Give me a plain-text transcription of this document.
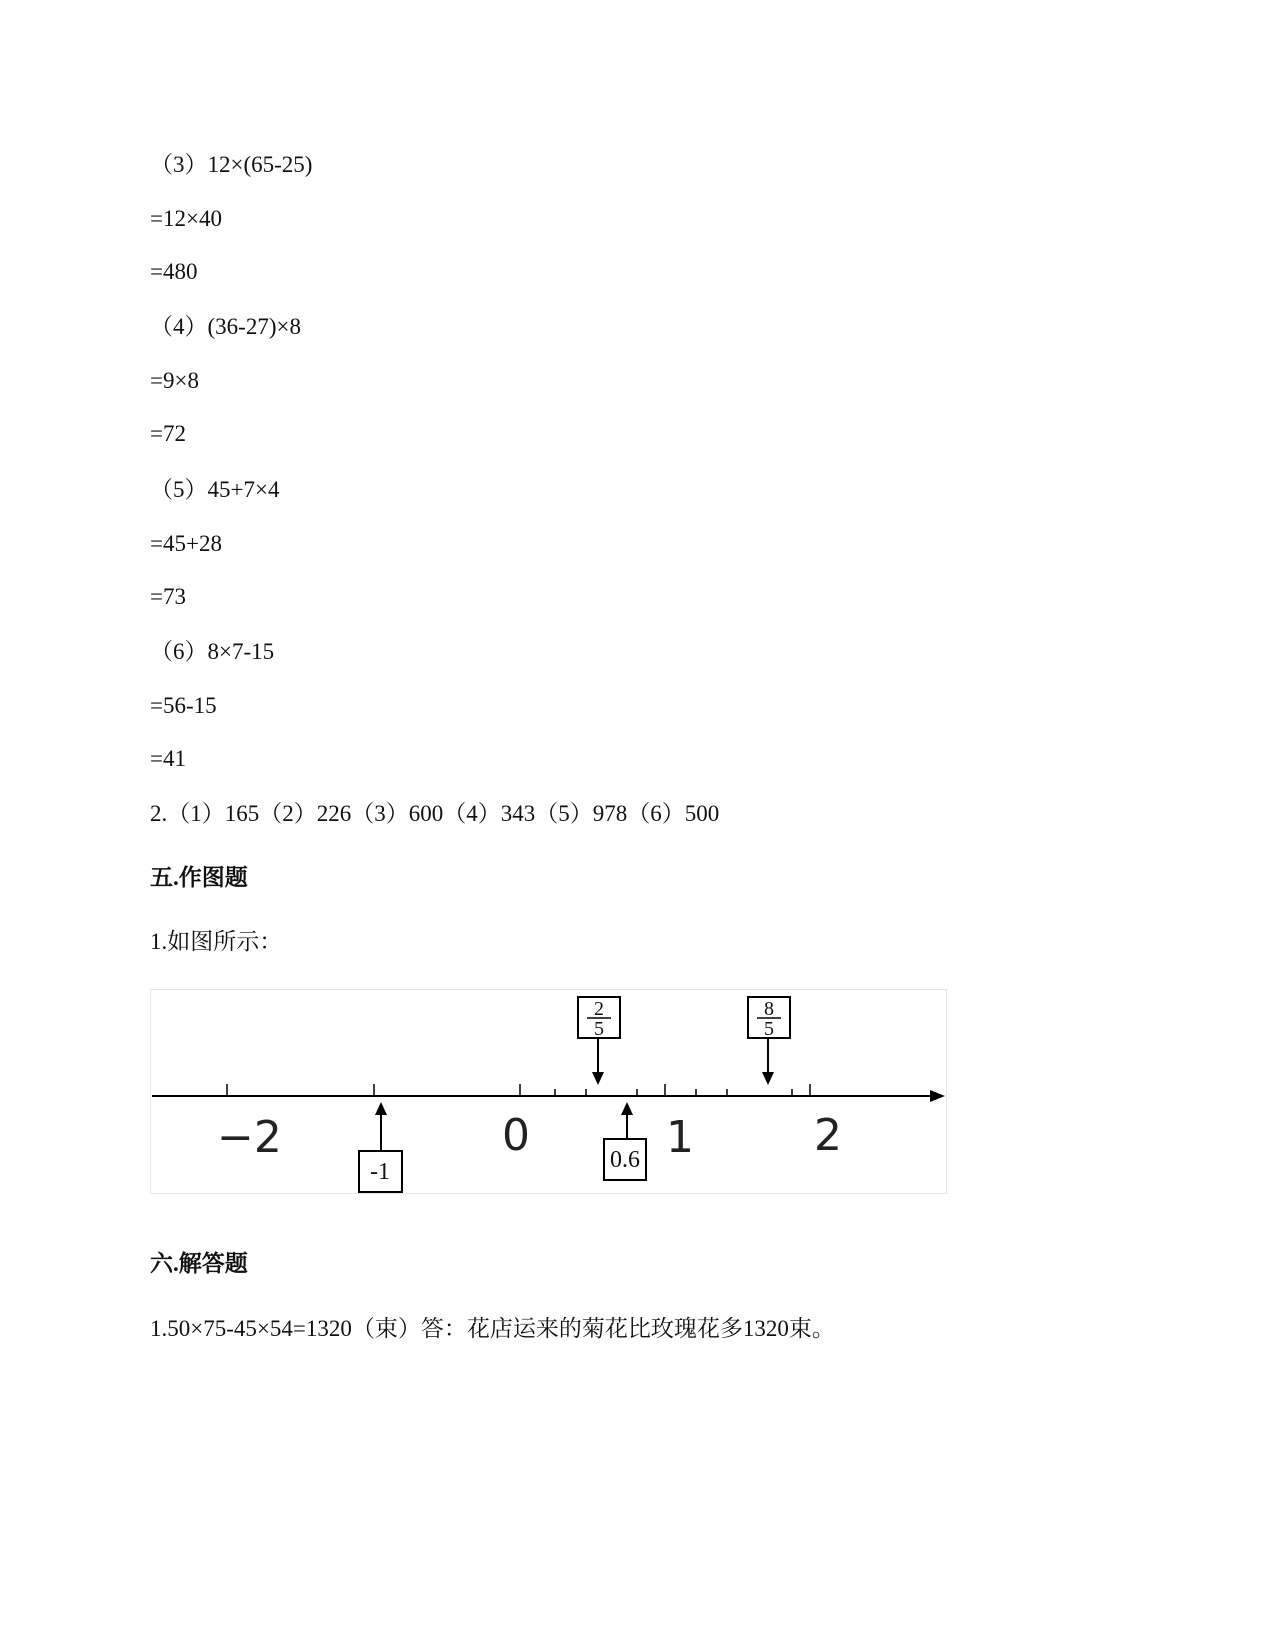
（3）12×(65-25)
=12×40
=480
（4）(36-27)×8
=9×8
=72
（5）45+7×4
=45+28
=73
（6）8×7-15
=56-15
=41
2.（1）165（2）226（3）600（4）343（5）978（6）500
五.作图题
1.如图所示：
−2	0	1	2
-1	0.6
2
5
8
5
六.解答题
1.50×75-45×54=1320（束）答：花店运来的菊花比玫瑰花多1320束。
